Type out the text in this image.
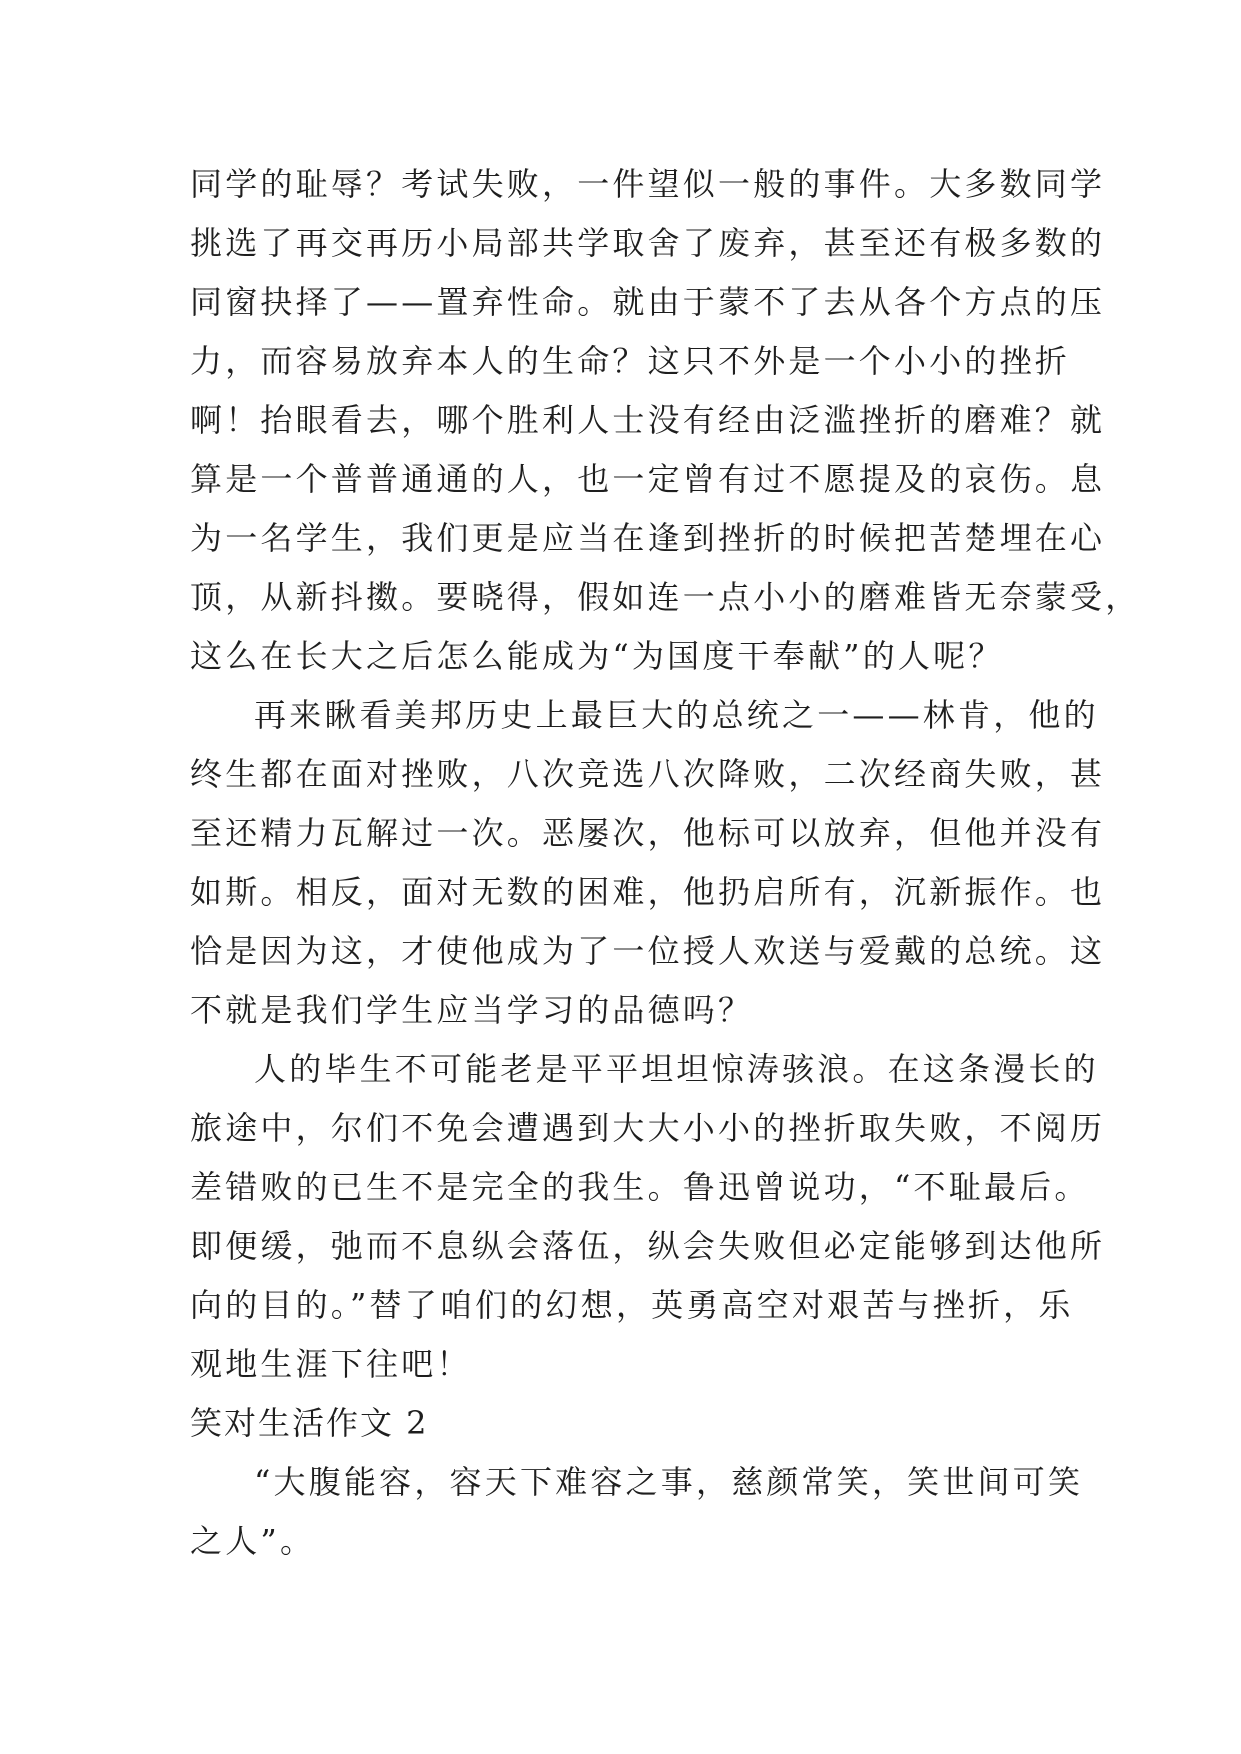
同学的耻辱？考试失败，一件望似一般的事件。大多数同学
挑选了再交再历小局部共学取舍了废弃，甚至还有极多数的
同窗抉择了——置弃性命。就由于蒙不了去从各个方点的压
力，而容易放弃本人的生命？这只不外是一个小小的挫折
啊！抬眼看去，哪个胜利人士没有经由泛滥挫折的磨难？就
算是一个普普通通的人，也一定曾有过不愿提及的哀伤。息
为一名学生，我们更是应当在逢到挫折的时候把苦楚埋在心
顶，从新抖擞。要晓得，假如连一点小小的磨难皆无奈蒙受，
这么在长大之后怎么能成为“为国度干奉献”的人呢？
再来瞅看美邦历史上最巨大的总统之一——林肯，他的
终生都在面对挫败，八次竞选八次降败，二次经商失败，甚
至还精力瓦解过一次。恶屡次，他标可以放弃，但他并没有
如斯。相反，面对无数的困难，他扔启所有，沉新振作。也
恰是因为这，才使他成为了一位授人欢送与爱戴的总统。这
不就是我们学生应当学习的品德吗？
人的毕生不可能老是平平坦坦惊涛骇浪。在这条漫长的
旅途中，尔们不免会遭遇到大大小小的挫折取失败，不阅历
差错败的已生不是完全的我生。鲁迅曾说功，“不耻最后。
即便缓，弛而不息纵会落伍，纵会失败但必定能够到达他所
向的目的。”替了咱们的幻想，英勇高空对艰苦与挫折，乐
观地生涯下往吧！
笑对生活作文 2
“大腹能容，容天下难容之事，慈颜常笑，笑世间可笑
之人”。
